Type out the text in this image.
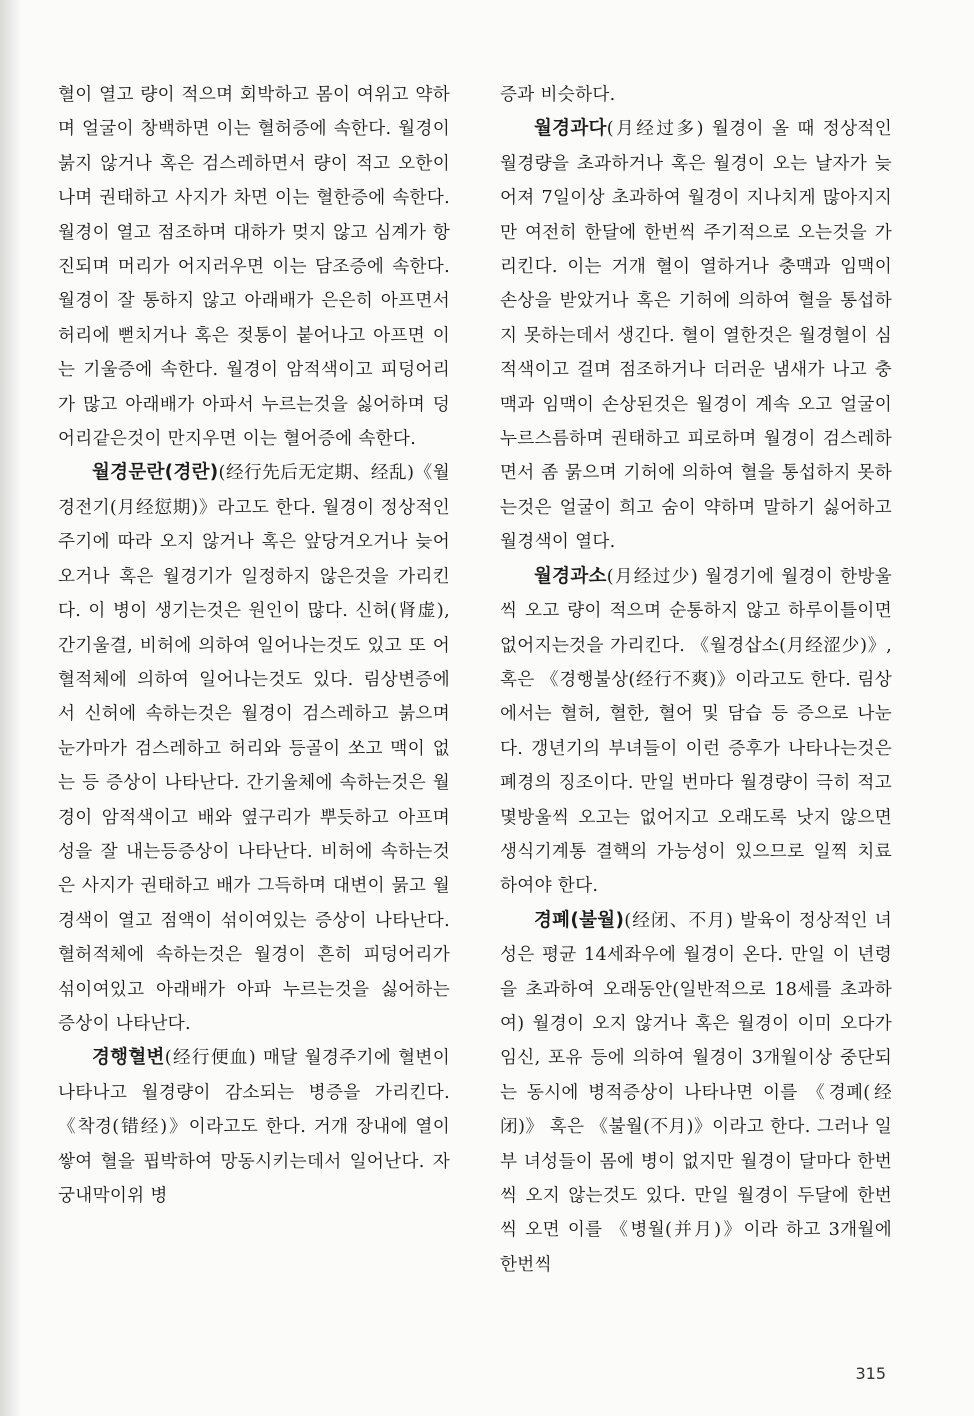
혈이 열고 량이 적으며 회박하고 몸이 여위고 약하며 얼굴이 창백하면 이는 혈허증에 속한다. 월경이 붉지 않거나 혹은 검스레하면서 량이 적고 오한이 나며 권태하고 사지가 차면 이는 혈한증에 속한다. 월경이 열고 점조하며 대하가 멎지 않고 심계가 항진되며 머리가 어지러우면 이는 담조증에 속한다. 월경이 잘 통하지 않고 아래배가 은은히 아프면서 허리에 뻗치거나 혹은 젖통이 붙어나고 아프면 이는 기울증에 속한다. 월경이 암적색이고 피덩어리가 많고 아래배가 아파서 누르는것을 싫어하며 덩어리같은것이 만지우면 이는 혈어증에 속한다.

월경문란(경란)(经行先后无定期、经乱)《월경전기(月经愆期)》라고도 한다. 월경이 정상적인 주기에 따라 오지 않거나 혹은 앞당겨오거나 늦어오거나 혹은 월경기가 일정하지 않은것을 가리킨다. 이 병이 생기는것은 원인이 많다. 신허(肾虚), 간기울결, 비허에 의하여 일어나는것도 있고 또 어혈적체에 의하여 일어나는것도 있다. 림상변증에서 신허에 속하는것은 월경이 검스레하고 붉으며 눈가마가 검스레하고 허리와 등골이 쏘고 맥이 없는 등 증상이 나타난다. 간기울체에 속하는것은 월경이 암적색이고 배와 옆구리가 뿌듯하고 아프며 성을 잘 내는등증상이 나타난다. 비허에 속하는것은 사지가 권태하고 배가 그득하며 대변이 묽고 월경색이 열고 점액이 섞이여있는 증상이 나타난다. 혈허적체에 속하는것은 월경이 흔히 피덩어리가 섞이여있고 아래배가 아파 누르는것을 싫어하는 증상이 나타난다.

경행혈변(经行便血) 매달 월경주기에 혈변이 나타나고 월경량이 감소되는 병증을 가리킨다. 《착경(错经)》이라고도 한다. 거개 장내에 열이 쌓여 혈을 핍박하여 망동시키는데서 일어난다. 자궁내막이위 병

증과 비슷하다.

월경과다(月经过多) 월경이 올 때 정상적인 월경량을 초과하거나 혹은 월경이 오는 날자가 늦어져 7일이상 초과하여 월경이 지나치게 많아지지만 여전히 한달에 한번씩 주기적으로 오는것을 가리킨다. 이는 거개 혈이 열하거나 충맥과 임맥이 손상을 받았거나 혹은 기허에 의하여 혈을 통섭하지 못하는데서 생긴다. 혈이 열한것은 월경혈이 심적색이고 걸며 점조하거나 더러운 냄새가 나고 충맥과 임맥이 손상된것은 월경이 계속 오고 얼굴이 누르스름하며 권태하고 피로하며 월경이 검스레하면서 좀 묽으며 기허에 의하여 혈을 통섭하지 못하는것은 얼굴이 희고 숨이 약하며 말하기 싫어하고 월경색이 열다.

월경과소(月经过少) 월경기에 월경이 한방울씩 오고 량이 적으며 순통하지 않고 하루이틀이면 없어지는것을 가리킨다. 《월경삽소(月经涩少)》, 혹은 《경행불상(经行不爽)》이라고도 한다. 림상에서는 혈허, 혈한, 혈어 및 담습 등 증으로 나눈다. 갱년기의 부녀들이 이런 증후가 나타나는것은 폐경의 징조이다. 만일 번마다 월경량이 극히 적고 몇방울씩 오고는 없어지고 오래도록 낫지 않으면 생식기계통 결핵의 가능성이 있으므로 일찍 치료하여야 한다.

경폐(불월)(经闭、不月) 발육이 정상적인 녀성은 평균 14세좌우에 월경이 온다. 만일 이 년령을 초과하여 오래동안(일반적으로 18세를 초과하여) 월경이 오지 않거나 혹은 월경이 이미 오다가 임신, 포유 등에 의하여 월경이 3개월이상 중단되는 동시에 병적증상이 나타나면 이를 《경폐(经闭)》 혹은 《불월(不月)》이라고 한다. 그러나 일부 녀성들이 몸에 병이 없지만 월경이 달마다 한번씩 오지 않는것도 있다. 만일 월경이 두달에 한번씩 오면 이를 《병월(并月)》이라 하고 3개월에 한번씩

315
